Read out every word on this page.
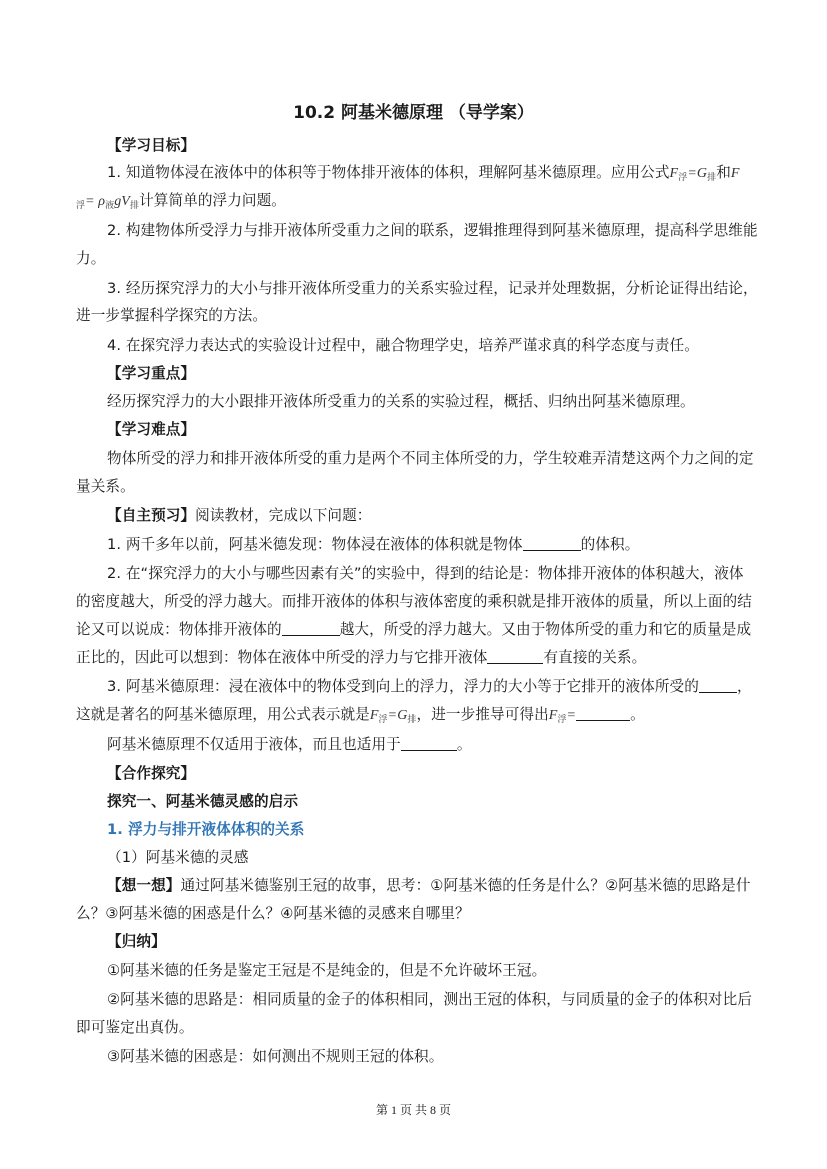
10.2 阿基米德原理 （导学案）
【学习目标】
1. 知道物体浸在液体中的体积等于物体排开液体的体积，理解阿基米德原理。应用公式$F_浮=G_排$和F
$_浮= \rho_液gV_排$计算简单的浮力问题。
2. 构建物体所受浮力与排开液体所受重力之间的联系，逻辑推理得到阿基米德原理，提高科学思维能
力。
3. 经历探究浮力的大小与排开液体所受重力的关系实验过程，记录并处理数据，分析论证得出结论，
进一步掌握科学探究的方法。
4. 在探究浮力表达式的实验设计过程中，融合物理学史，培养严谨求真的科学态度与责任。
【学习重点】
经历探究浮力的大小跟排开液体所受重力的关系的实验过程，概括、归纳出阿基米德原理。
【学习难点】
物体所受的浮力和排开液体所受的重力是两个不同主体所受的力，学生较难弄清楚这两个力之间的定
量关系。
【自主预习】阅读教材，完成以下问题：
1. 两千多年以前，阿基米德发现：物体浸在液体的体积就是物体	的体积。
2. 在“探究浮力的大小与哪些因素有关”的实验中，得到的结论是：物体排开液体的体积越大，液体
的密度越大，所受的浮力越大。而排开液体的体积与液体密度的乘积就是排开液体的质量，所以上面的结
论又可以说成：物体排开液体的	越大，所受的浮力越大。又由于物体所受的重力和它的质量是成
正比的，因此可以想到：物体在液体中所受的浮力与它排开液体	有直接的关系。
3. 阿基米德原理：浸在液体中的物体受到向上的浮力，浮力的大小等于它排开的液体所受的	，
这就是著名的阿基米德原理，用公式表示就是$F_浮=G_排$，进一步推导可得出$F_浮=$	。
阿基米德原理不仅适用于液体，而且也适用于	。
【合作探究】
探究一、阿基米德灵感的启示
1. 浮力与排开液体体积的关系
（1）阿基米德的灵感
【想一想】通过阿基米德鉴别王冠的故事，思考：①阿基米德的任务是什么？②阿基米德的思路是什
么？③阿基米德的困惑是什么？④阿基米德的灵感来自哪里？
【归纳】
①阿基米德的任务是鉴定王冠是不是纯金的，但是不允许破坏王冠。
②阿基米德的思路是：相同质量的金子的体积相同，测出王冠的体积，与同质量的金子的体积对比后
即可鉴定出真伪。
③阿基米德的困惑是：如何测出不规则王冠的体积。
第 1 页 共 8 页
